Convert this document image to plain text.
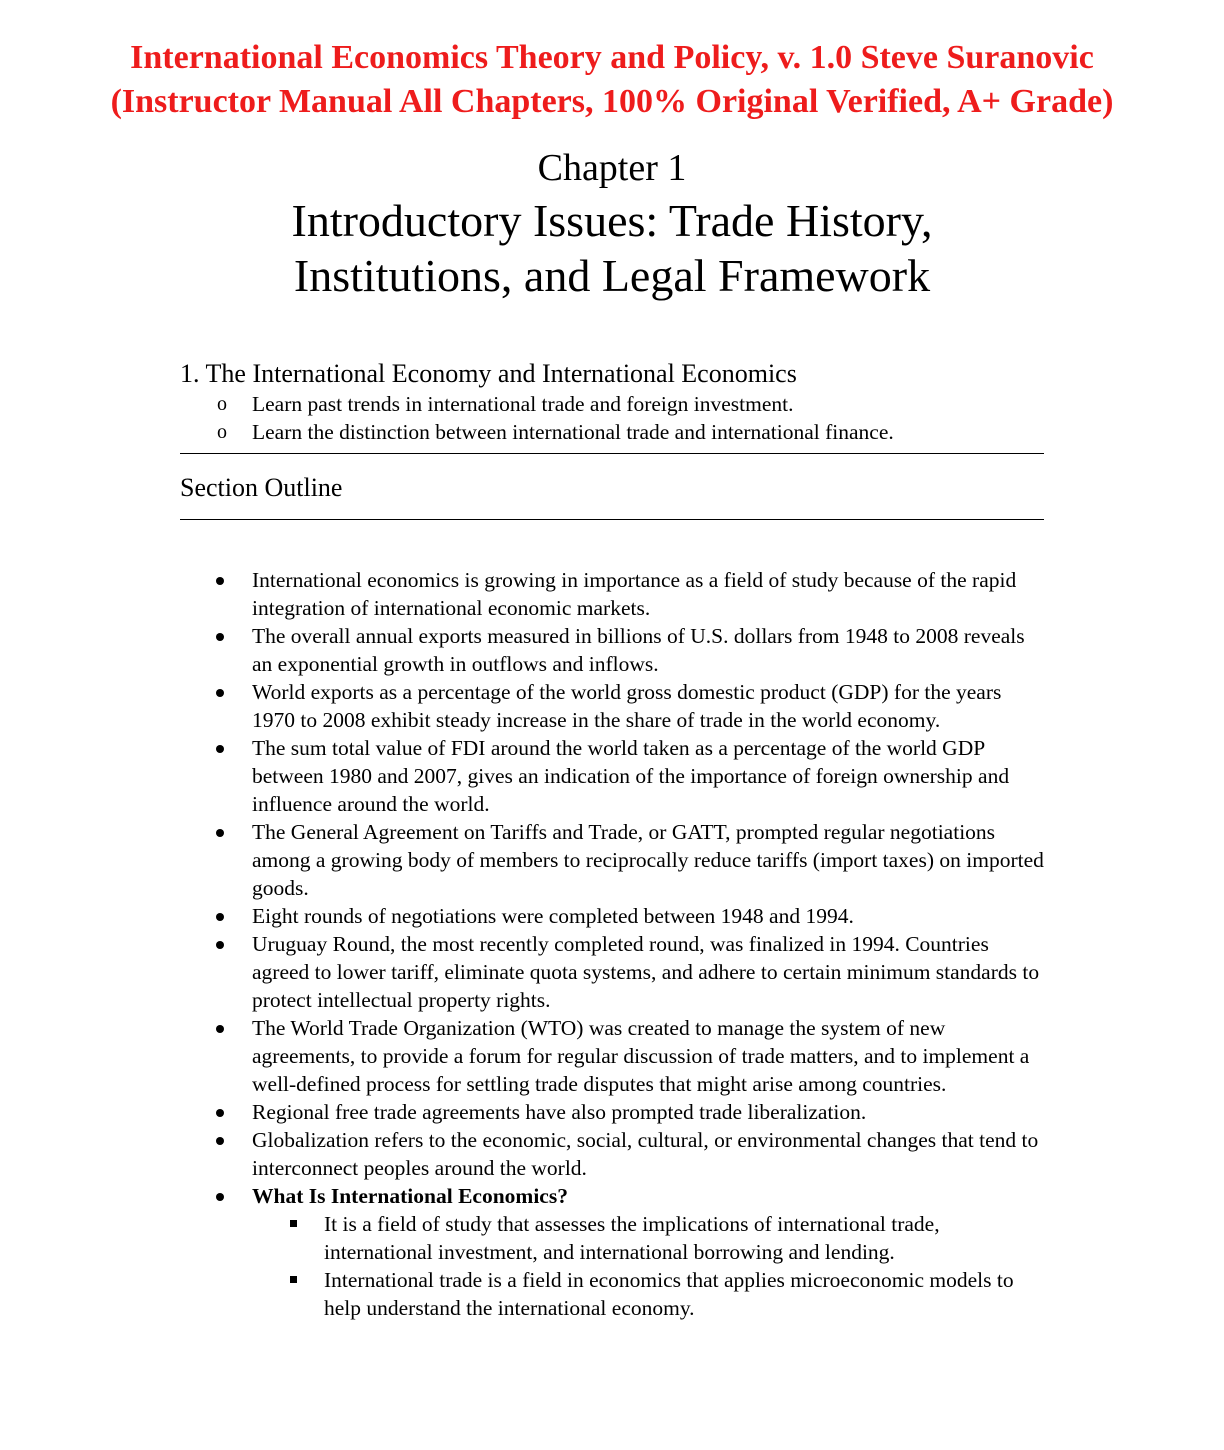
International Economics Theory and Policy, v. 1.0 Steve Suranovic
(Instructor Manual All Chapters, 100% Original Verified, A+ Grade)
Chapter 1
Introductory Issues: Trade History,
Institutions, and Legal Framework
1. The International Economy and International Economics
o Learn past trends in international trade and foreign investment.
o Learn the distinction between international trade and international finance.
Section Outline
International economics is growing in importance as a field of study because of the rapid integration of international economic markets.
The overall annual exports measured in billions of U.S. dollars from 1948 to 2008 reveals an exponential growth in outflows and inflows.
World exports as a percentage of the world gross domestic product (GDP) for the years 1970 to 2008 exhibit steady increase in the share of trade in the world economy.
The sum total value of FDI around the world taken as a percentage of the world GDP between 1980 and 2007, gives an indication of the importance of foreign ownership and influence around the world.
The General Agreement on Tariffs and Trade, or GATT, prompted regular negotiations among a growing body of members to reciprocally reduce tariffs (import taxes) on imported goods.
Eight rounds of negotiations were completed between 1948 and 1994.
Uruguay Round, the most recently completed round, was finalized in 1994. Countries agreed to lower tariff, eliminate quota systems, and adhere to certain minimum standards to protect intellectual property rights.
The World Trade Organization (WTO) was created to manage the system of new agreements, to provide a forum for regular discussion of trade matters, and to implement a well-defined process for settling trade disputes that might arise among countries.
Regional free trade agreements have also prompted trade liberalization.
Globalization refers to the economic, social, cultural, or environmental changes that tend to interconnect peoples around the world.
What Is International Economics?
It is a field of study that assesses the implications of international trade, international investment, and international borrowing and lending.
International trade is a field in economics that applies microeconomic models to help understand the international economy.
